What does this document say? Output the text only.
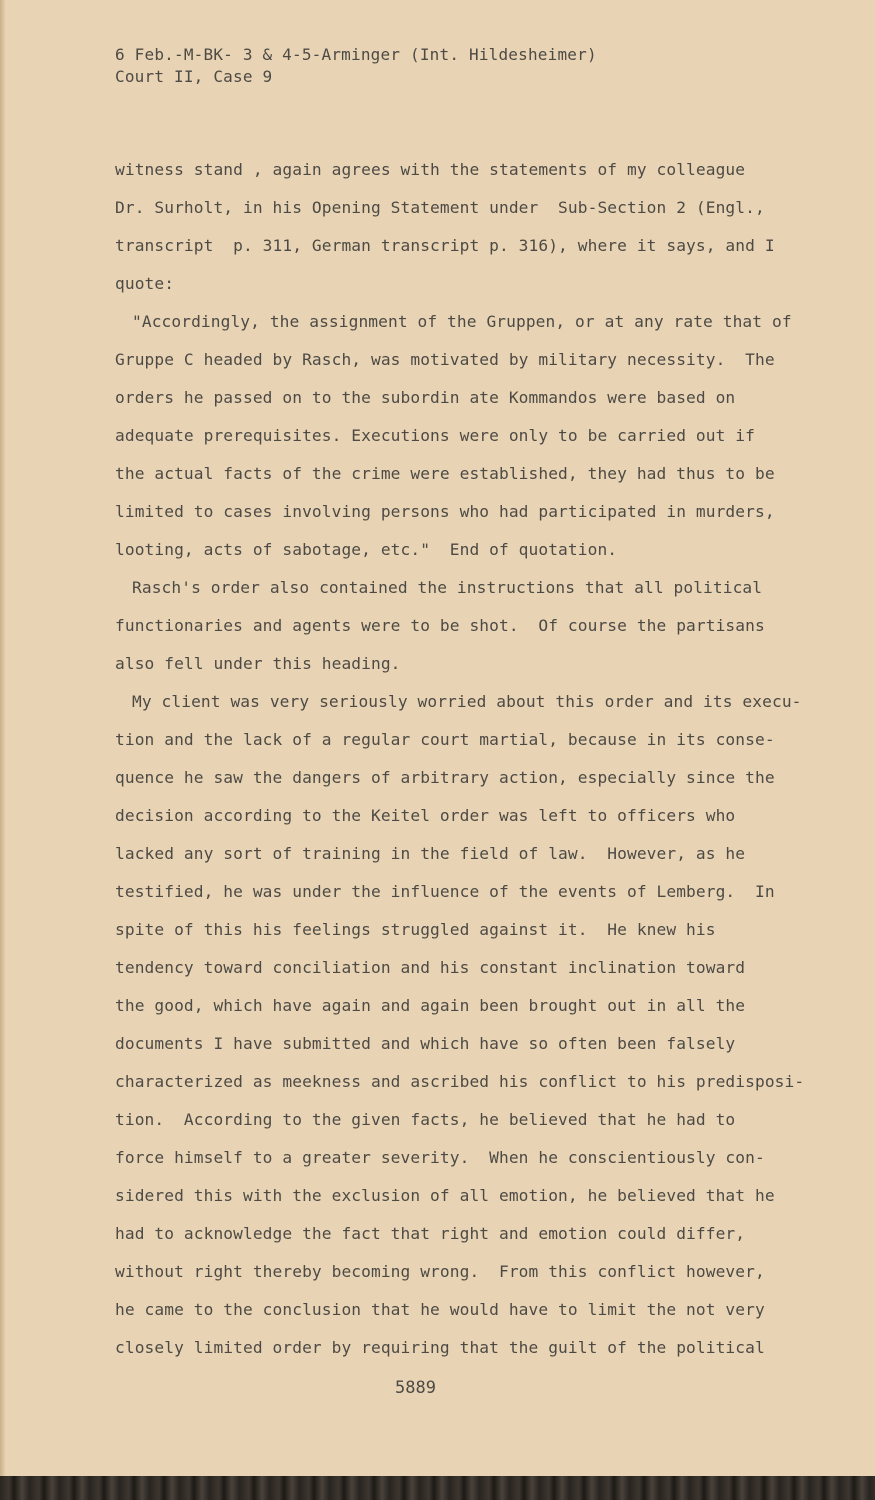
6 Feb.-M-BK- 3 & 4-5-Arminger (Int. Hildesheimer)
Court II, Case 9
witness stand , again agrees with the statements of my colleague
Dr. Surholt, in his Opening Statement under  Sub-Section 2 (Engl.,
transcript  p. 311, German transcript p. 316), where it says, and I
quote:
"Accordingly, the assignment of the Gruppen, or at any rate that of
Gruppe C headed by Rasch, was motivated by military necessity.  The
orders he passed on to the subordin ate Kommandos were based on
adequate prerequisites. Executions were only to be carried out if
the actual facts of the crime were established, they had thus to be
limited to cases involving persons who had participated in murders,
looting, acts of sabotage, etc."  End of quotation.
Rasch's order also contained the instructions that all political
functionaries and agents were to be shot.  Of course the partisans
also fell under this heading.
My client was very seriously worried about this order and its execu-
tion and the lack of a regular court martial, because in its conse-
quence he saw the dangers of arbitrary action, especially since the
decision according to the Keitel order was left to officers who
lacked any sort of training in the field of law.  However, as he
testified, he was under the influence of the events of Lemberg.  In
spite of this his feelings struggled against it.  He knew his
tendency toward conciliation and his constant inclination toward
the good, which have again and again been brought out in all the
documents I have submitted and which have so often been falsely
characterized as meekness and ascribed his conflict to his predisposi-
tion.  According to the given facts, he believed that he had to
force himself to a greater severity.  When he conscientiously con-
sidered this with the exclusion of all emotion, he believed that he
had to acknowledge the fact that right and emotion could differ,
without right thereby becoming wrong.  From this conflict however,
he came to the conclusion that he would have to limit the not very
closely limited order by requiring that the guilt of the political
5889
